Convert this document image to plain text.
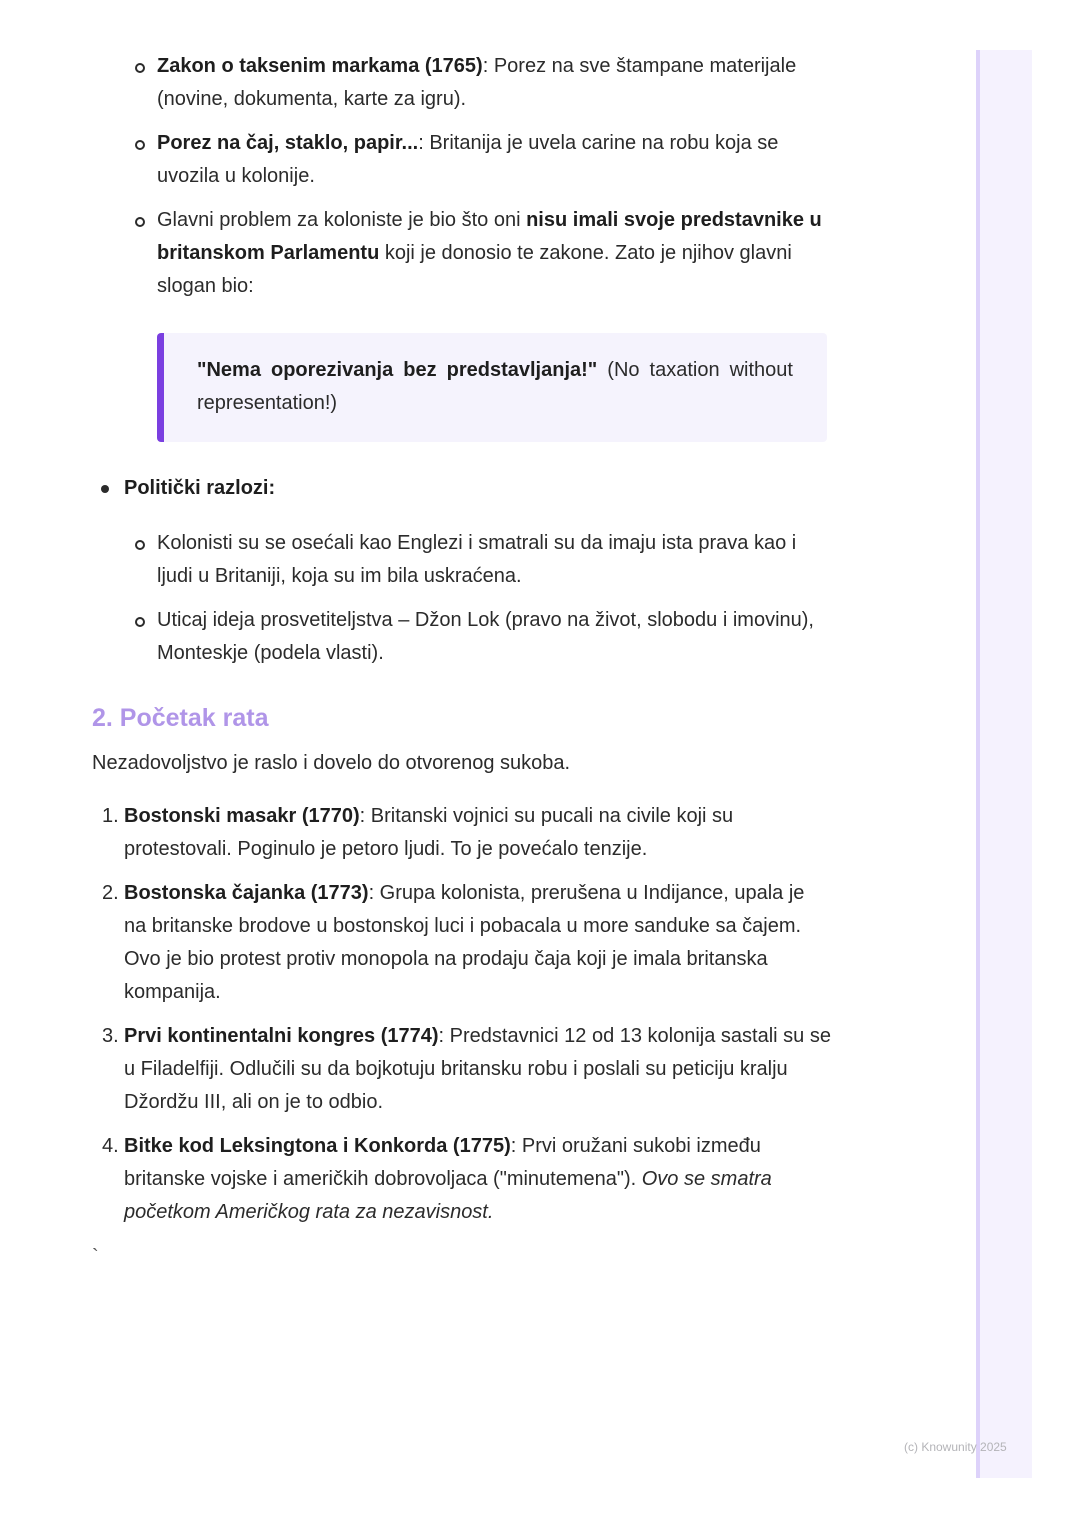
(c) Knowunity 2025
Zakon o taksenim markama (1765): Porez na sve štampane materijale (novine, dokumenta, karte za igru).
Porez na čaj, staklo, papir...: Britanija je uvela carine na robu koja se uvozila u kolonije.
Glavni problem za koloniste je bio što oni nisu imali svoje predstavnike u britanskom Parlamentu koji je donosio te zakone. Zato je njihov glavni slogan bio:
"Nema oporezivanja bez predstavljanja!" (No taxation without representation!)
Politički razlozi:
Kolonisti su se osećali kao Englezi i smatrali su da imaju ista prava kao i ljudi u Britaniji, koja su im bila uskraćena.
Uticaj ideja prosvetiteljstva – Džon Lok (pravo na život, slobodu i imovinu), Monteskje (podela vlasti).
2. Početak rata
Nezadovoljstvo je raslo i dovelo do otvorenog sukoba.
1. Bostonski masakr (1770): Britanski vojnici su pucali na civile koji su protestovali. Poginulo je petoro ljudi. To je povećalo tenzije.
2. Bostonska čajanka (1773): Grupa kolonista, prerušena u Indijance, upala je na britanske brodove u bostonskoj luci i pobacala u more sanduke sa čajem. Ovo je bio protest protiv monopola na prodaju čaja koji je imala britanska kompanija.
3. Prvi kontinentalni kongres (1774): Predstavnici 12 od 13 kolonija sastali su se u Filadelfiji. Odlučili su da bojkotuju britansku robu i poslali su peticiju kralju Džordžu III, ali on je to odbio.
4. Bitke kod Leksingtona i Konkorda (1775): Prvi oružani sukobi između britanske vojske i američkih dobrovoljaca ("minutemena"). Ovo se smatra početkom Američkog rata za nezavisnost.
`
